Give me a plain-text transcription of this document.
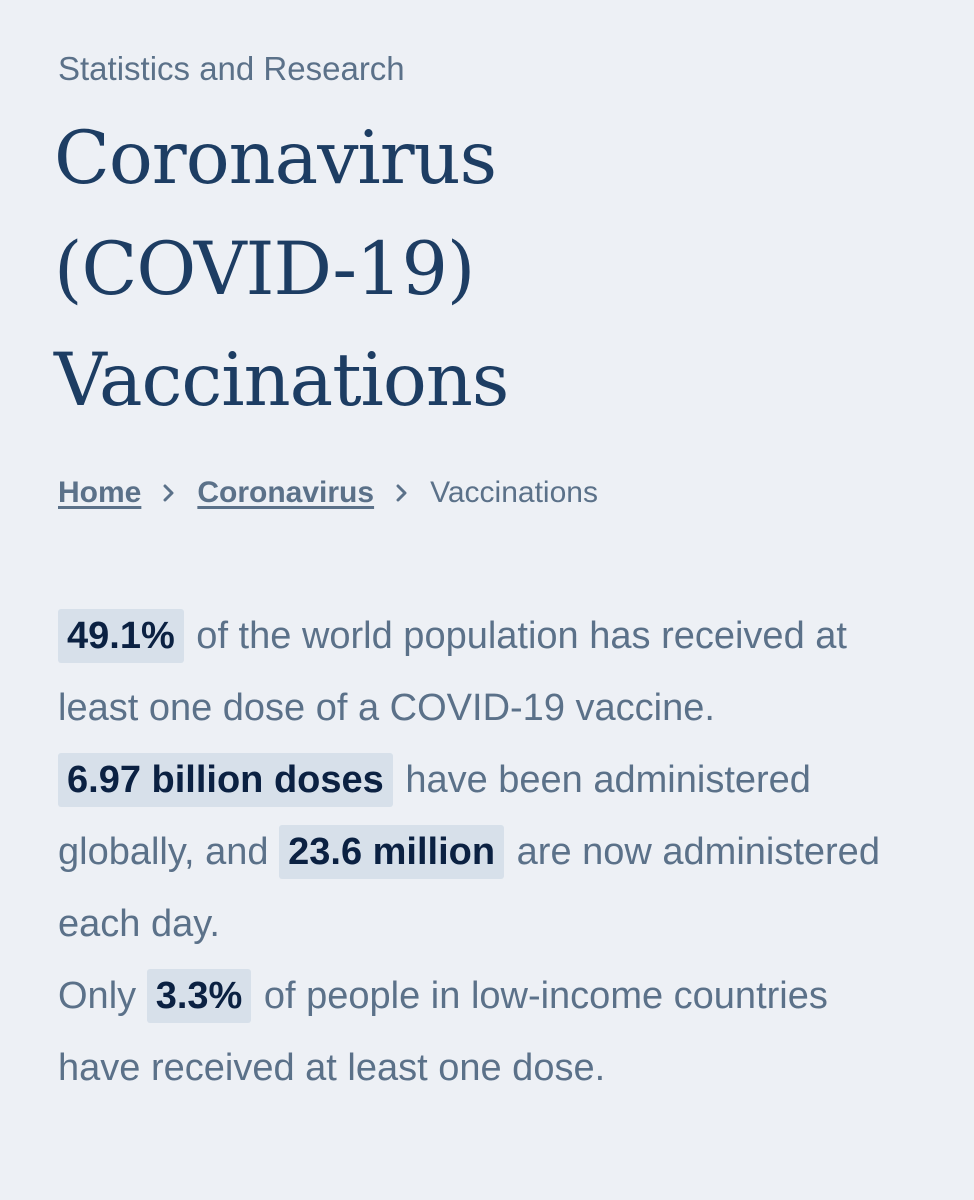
Statistics and Research
Coronavirus
(COVID-19)
Vaccinations
Home Coronavirus Vaccinations

49.1% of the world population has received at least one dose of a COVID-19 vaccine.

6.97 billion doses have been administered globally, and 23.6 million are now administered each day.

Only 3.3% of people in low-income countries have received at least one dose.
